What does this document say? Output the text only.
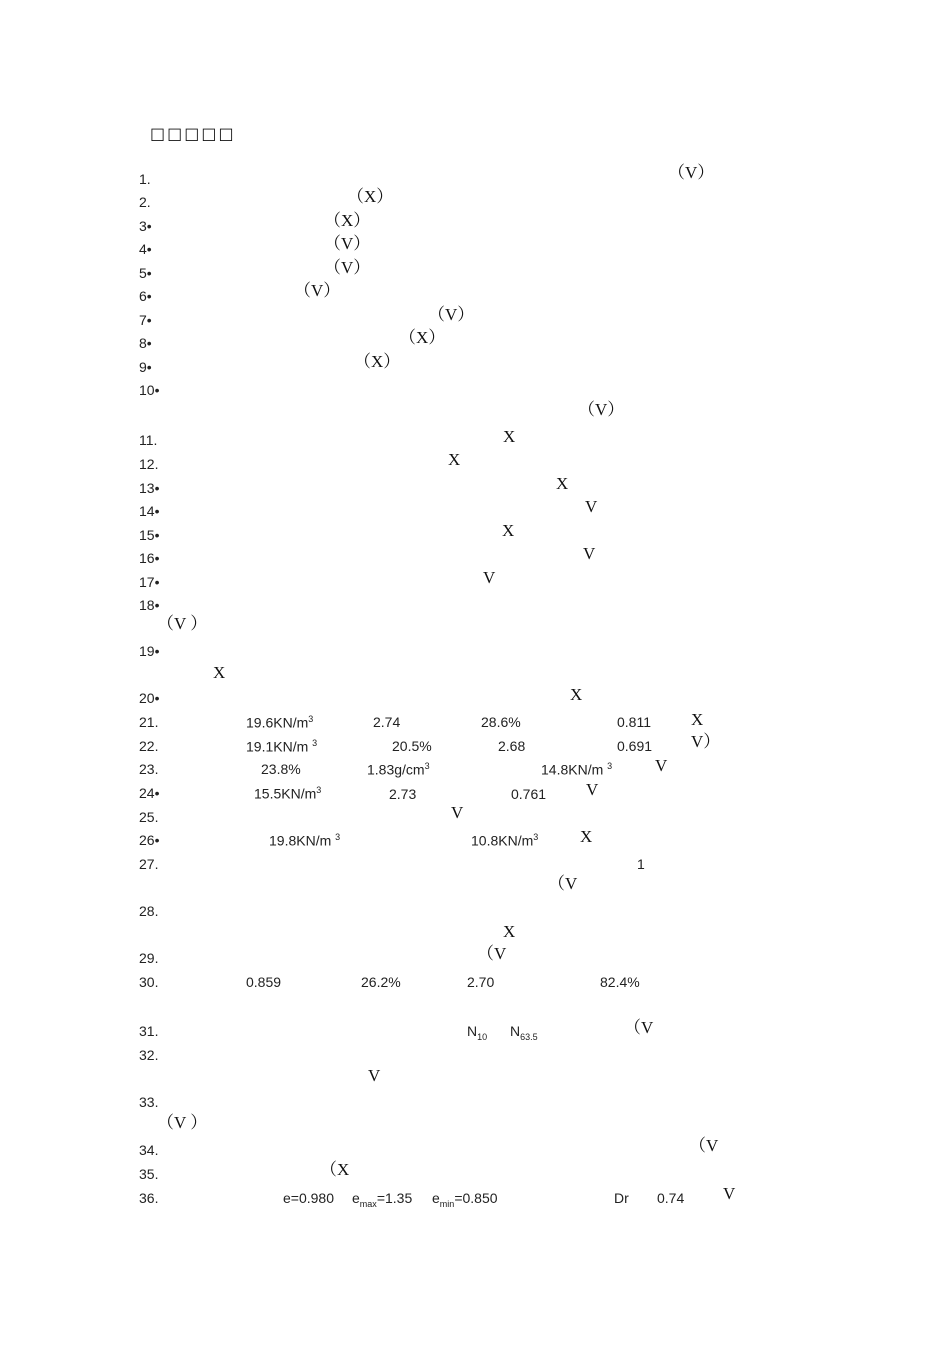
□□□□□
1.	（V）
2.	（X）
3•	（X）
4•	（V）
5•	（V）
6•	（V）
7•	（V）
8•	（X）
9•	（X）
10•
（V）
11.	X
12.	X
13•	X
14•	V
15•	X
16•	V
17•	V
18•
（V ）
19•
X
20•	X
21.	$19.6KN/m^3$	2.74	28.6%	0.811 X
22.	19.1KN/m $^3$	20.5%	2.68	0.691 V）
23.	23.8%	$1.83g/cm^3$	14.8KN/m $^3$	V
24•	$15.5KN/m^3$	2.73	0.761 V
25.	V
26•	19.8KN/m $^3$	$10.8KN/m^3$ X
27.	1
（V
28.
X
29.	（V
30.	0.859	26.2%	2.70	82.4%
31.	$N_{10}$ $N_{63.5}$	（V
32.
V
33.
（V ）
34.	（V
35.	（X
36.	e=0.980 $e_{max}=1.35$ $e_{min}=0.850$	Dr 0.74 V
